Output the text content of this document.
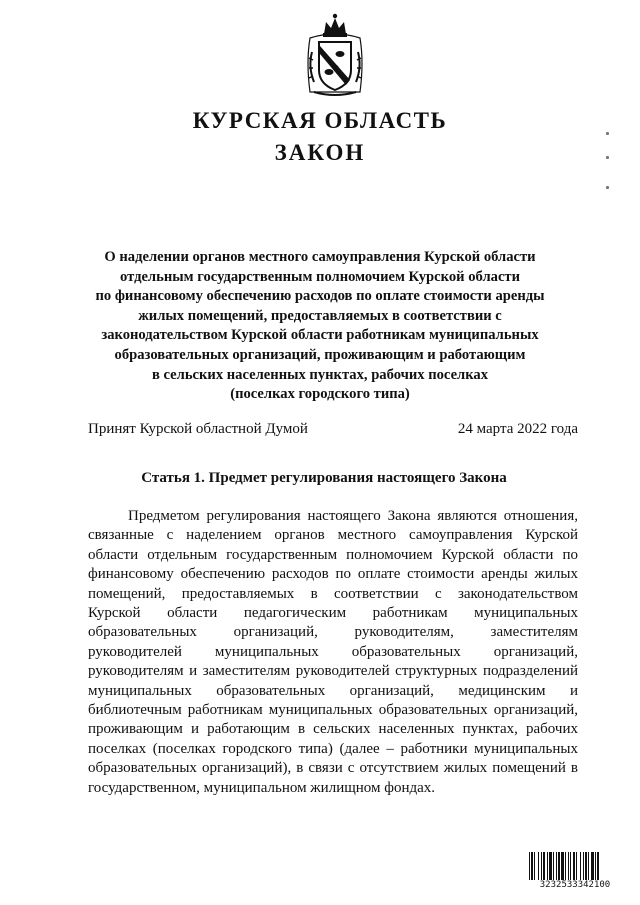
КУРСКАЯ ОБЛАСТЬ
ЗАКОН
О наделении органов местного самоуправления Курской области
отдельным государственным полномочием Курской области
по финансовому обеспечению расходов по оплате стоимости аренды
жилых помещений, предоставляемых в соответствии с
законодательством Курской области работникам муниципальных
образовательных организаций, проживающим и работающим
в сельских населенных пунктах, рабочих поселках
(поселках городского типа)
Принят Курской областной Думой	24 марта 2022 года
Статья 1. Предмет регулирования настоящего Закона
Предметом регулирования настоящего Закона являются отношения,
связанные с наделением органов местного самоуправления Курской
области отдельным государственным полномочием Курской области по
финансовому обеспечению расходов по оплате стоимости аренды жилых
помещений, предоставляемых в соответствии с законодательством
Курской области педагогическим работникам муниципальных
образовательных организаций, руководителям, заместителям
руководителей муниципальных образовательных организаций,
руководителям и заместителям руководителей структурных подразделений
муниципальных образовательных организаций, медицинским и
библиотечным работникам муниципальных образовательных организаций,
проживающим и работающим в сельских населенных пунктах, рабочих
поселках (поселках городского типа) (далее – работники муниципальных
образовательных организаций), в связи с отсутствием жилых помещений в
государственном, муниципальном жилищном фондах.
3232533342100
